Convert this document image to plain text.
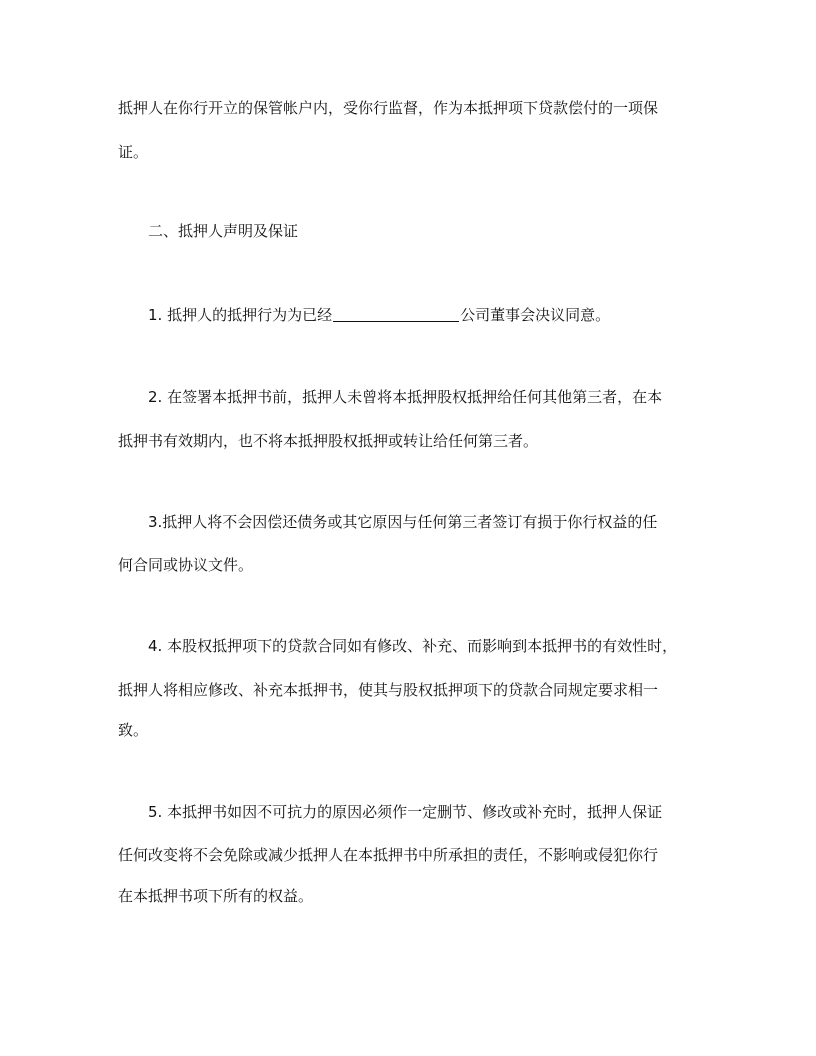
抵押人在你行开立的保管帐户内，受你行监督，作为本抵押项下贷款偿付的一项保
证。
二、抵押人声明及保证
1. 抵押人的抵押行为为已经	公司董事会决议同意。
2. 在签署本抵押书前，抵押人未曾将本抵押股权抵押给任何其他第三者，在本
抵押书有效期内，也不将本抵押股权抵押或转让给任何第三者。
3.抵押人将不会因偿还债务或其它原因与任何第三者签订有损于你行权益的任
何合同或协议文件。
4. 本股权抵押项下的贷款合同如有修改、补充、而影响到本抵押书的有效性时，
抵押人将相应修改、补充本抵押书，使其与股权抵押项下的贷款合同规定要求相一
致。
5. 本抵押书如因不可抗力的原因必须作一定删节、修改或补充时，抵押人保证
任何改变将不会免除或减少抵押人在本抵押书中所承担的责任，不影响或侵犯你行
在本抵押书项下所有的权益。
